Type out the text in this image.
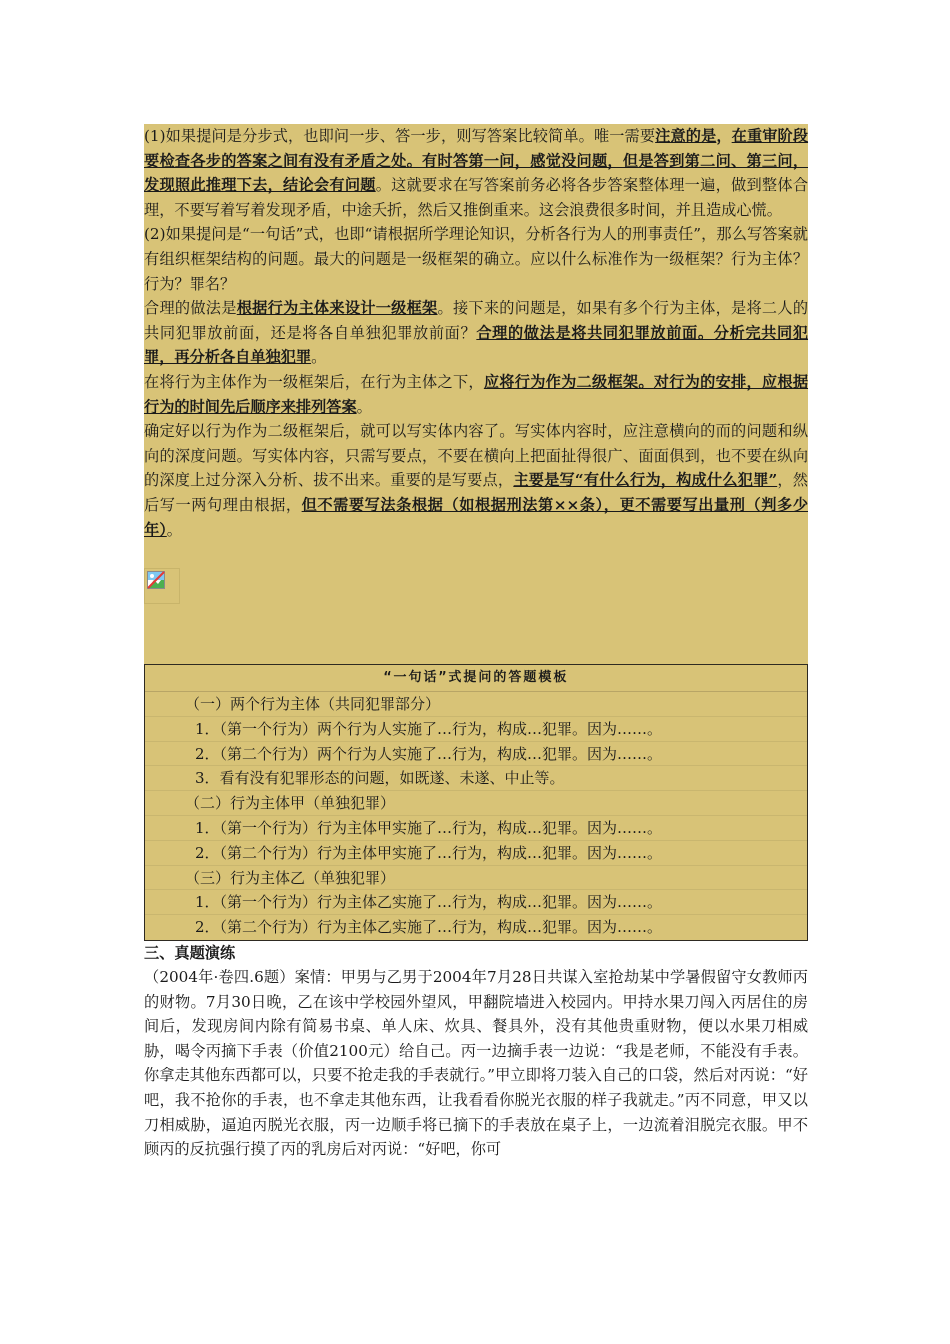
(1)如果提问是分步式，也即问一步、答一步，则写答案比较简单。唯一需要注意的是，在重审阶段要检查各步的答案之间有没有矛盾之处。有时答第一问，感觉没问题，但是答到第二问、第三问，发现照此推理下去，结论会有问题。这就要求在写答案前务必将各步答案整体理一遍，做到整体合理，不要写着写着发现矛盾，中途夭折，然后又推倒重来。这会浪费很多时间，并且造成心慌。

(2)如果提问是“一句话”式，也即“请根据所学理论知识，分析各行为人的刑事责任”，那么写答案就有组织框架结构的问题。最大的问题是一级框架的确立。应以什么标准作为一级框架？行为主体？行为？罪名？

合理的做法是根据行为主体来设计一级框架。接下来的问题是，如果有多个行为主体，是将二人的共同犯罪放前面，还是将各自单独犯罪放前面？合理的做法是将共同犯罪放前面。分析完共同犯罪，再分析各自单独犯罪。

在将行为主体作为一级框架后，在行为主体之下，应将行为作为二级框架。对行为的安排，应根据行为的时间先后顺序来排列答案。

确定好以行为作为二级框架后，就可以写实体内容了。写实体内容时，应注意横向的而的问题和纵向的深度问题。写实体内容，只需写要点，不要在横向上把面扯得很广、面面俱到，也不要在纵向的深度上过分深入分析、拔不出来。重要的是写要点，主要是写“有什么行为，构成什么犯罪”，然后写一两句理由根据，但不需要写法条根据（如根据刑法第××条），更不需要写出量刑（判多少年）。

“一句话”式提问的答题模板
（一）两个行为主体（共同犯罪部分）
1．（第一个行为）两个行为人实施了…行为，构成…犯罪。因为……。
2．（第二个行为）两个行为人实施了…行为，构成…犯罪。因为……。
3．看有没有犯罪形态的问题，如既遂、未遂、中止等。
（二）行为主体甲（单独犯罪）
1．（第一个行为）行为主体甲实施了…行为，构成…犯罪。因为……。
2．（第二个行为）行为主体甲实施了…行为，构成…犯罪。因为……。
（三）行为主体乙（单独犯罪）
1．（第一个行为）行为主体乙实施了…行为，构成…犯罪。因为……。
2．（第二个行为）行为主体乙实施了…行为，构成…犯罪。因为……。
三、真题演练

（2004年·卷四.6题）案情：甲男与乙男于2004年7月28日共谋入室抢劫某中学暑假留守女教师丙的财物。7月30日晚，乙在该中学校园外望风，甲翻院墙进入校园内。甲持水果刀闯入丙居住的房间后，发现房间内除有简易书桌、单人床、炊具、餐具外，没有其他贵重财物，便以水果刀相威胁，喝令丙摘下手表（价值2100元）给自己。丙一边摘手表一边说：“我是老师，不能没有手表。你拿走其他东西都可以，只要不抢走我的手表就行。”甲立即将刀装入自己的口袋，然后对丙说：“好吧，我不抢你的手表，也不拿走其他东西，让我看看你脱光衣服的样子我就走。”丙不同意，甲又以刀相威胁，逼迫丙脱光衣服，丙一边顺手将已摘下的手表放在桌子上，一边流着泪脱完衣服。甲不顾丙的反抗强行摸了丙的乳房后对丙说：“好吧，你可
